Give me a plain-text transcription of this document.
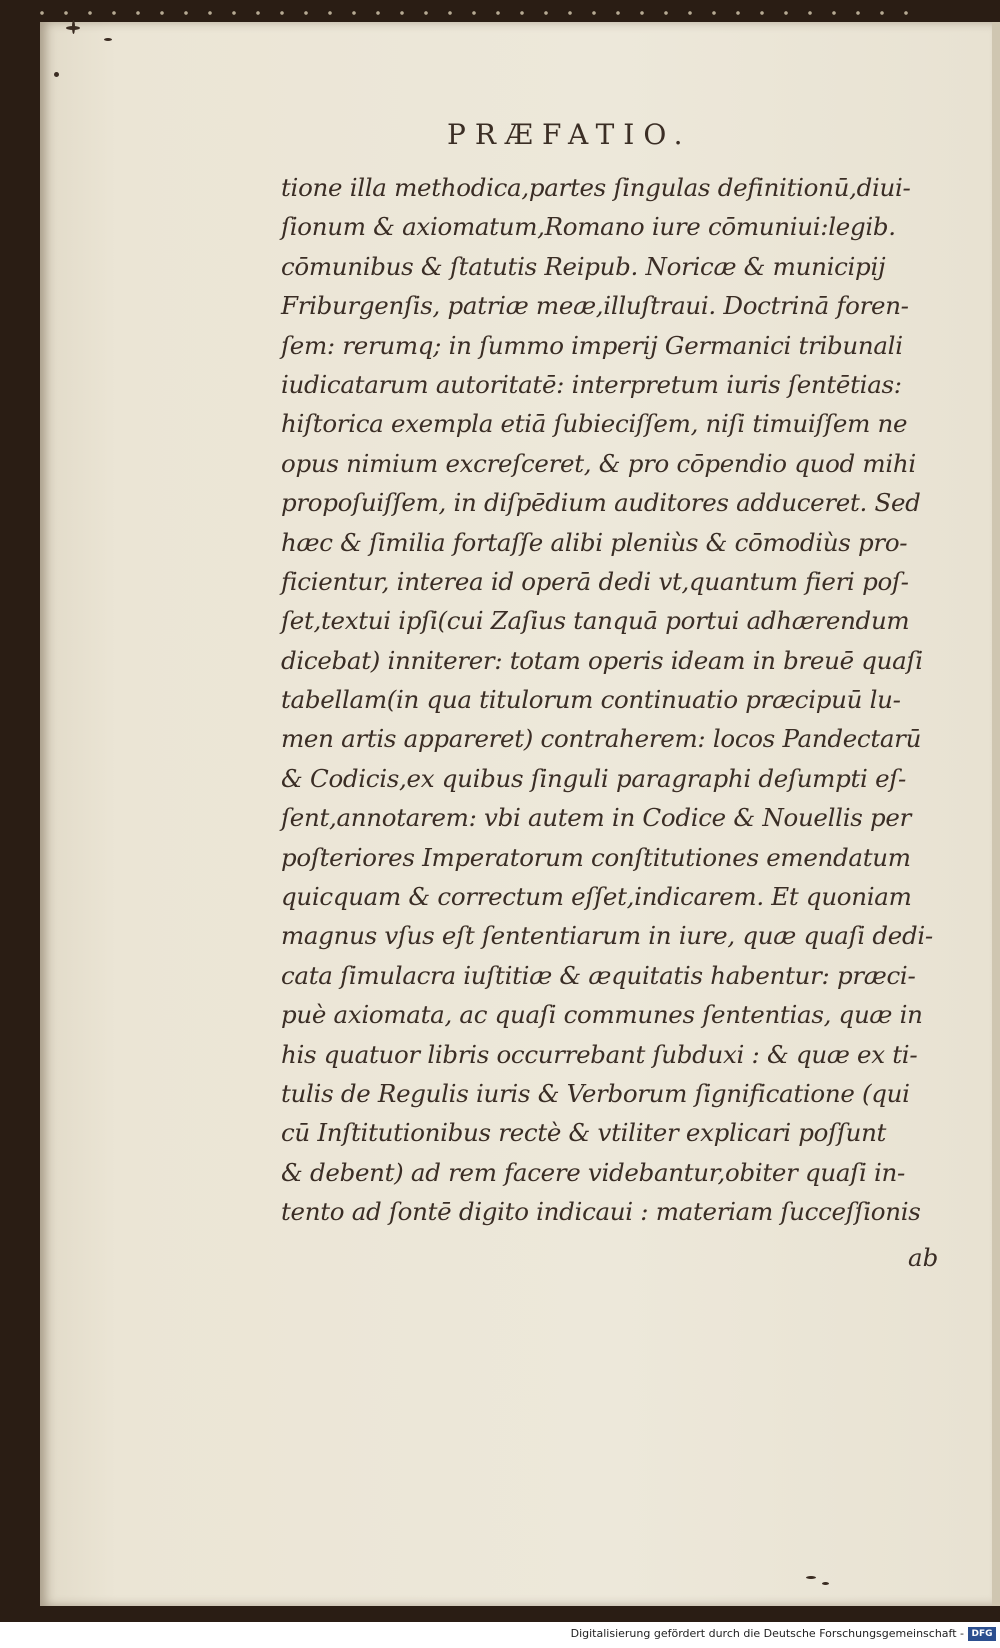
PRÆFATIO.
tione illa methodica,partes ſingulas definitionū,diui-
ſionum & axiomatum,Romano iure cōmuniui:legib.
cōmunibus & ſtatutis Reipub. Noricæ & municipij
Friburgenſis, patriæ meæ,illuſtraui. Doctrinā foren-
ſem: rerumq; in ſummo imperij Germanici tribunali
iudicatarum autoritatē: interpretum iuris ſentētias:
hiſtorica exempla etiā ſubieciſſem, niſi timuiſſem ne
opus nimium excreſceret, & pro cōpendio quod mihi
propoſuiſſem, in diſpēdium auditores adduceret. Sed
hæc & ſimilia fortaſſe alibi pleniùs & cōmodiùs pro-
ficientur, interea id operā dedi vt,quantum fieri poſ-
ſet,textui ipſi(cui Zaſius tanquā portui adhærendum
dicebat) inniterer: totam operis ideam in breuē quaſi
tabellam(in qua titulorum continuatio præcipuū lu-
men artis appareret) contraherem: locos Pandectarū
& Codicis,ex quibus ſinguli paragraphi deſumpti eſ-
ſent,annotarem: vbi autem in Codice & Nouellis per
poſteriores Imperatorum conſtitutiones emendatum
quicquam & correctum eſſet,indicarem. Et quoniam
magnus vſus eſt ſententiarum in iure, quæ quaſi dedi-
cata ſimulacra iuſtitiæ & æquitatis habentur: præci-
puè axiomata, ac quaſi communes ſententias, quæ in
his quatuor libris occurrebant ſubduxi : & quæ ex ti-
tulis de Regulis iuris & Verborum ſignificatione (qui
cū Inſtitutionibus rectè & vtiliter explicari poſſunt
& debent) ad rem facere videbantur,obiter quaſi in-
tento ad ſontē digito indicaui : materiam ſucceſſionis
ab
Digitalisierung gefördert durch die Deutsche Forschungsgemeinschaft - DFG
